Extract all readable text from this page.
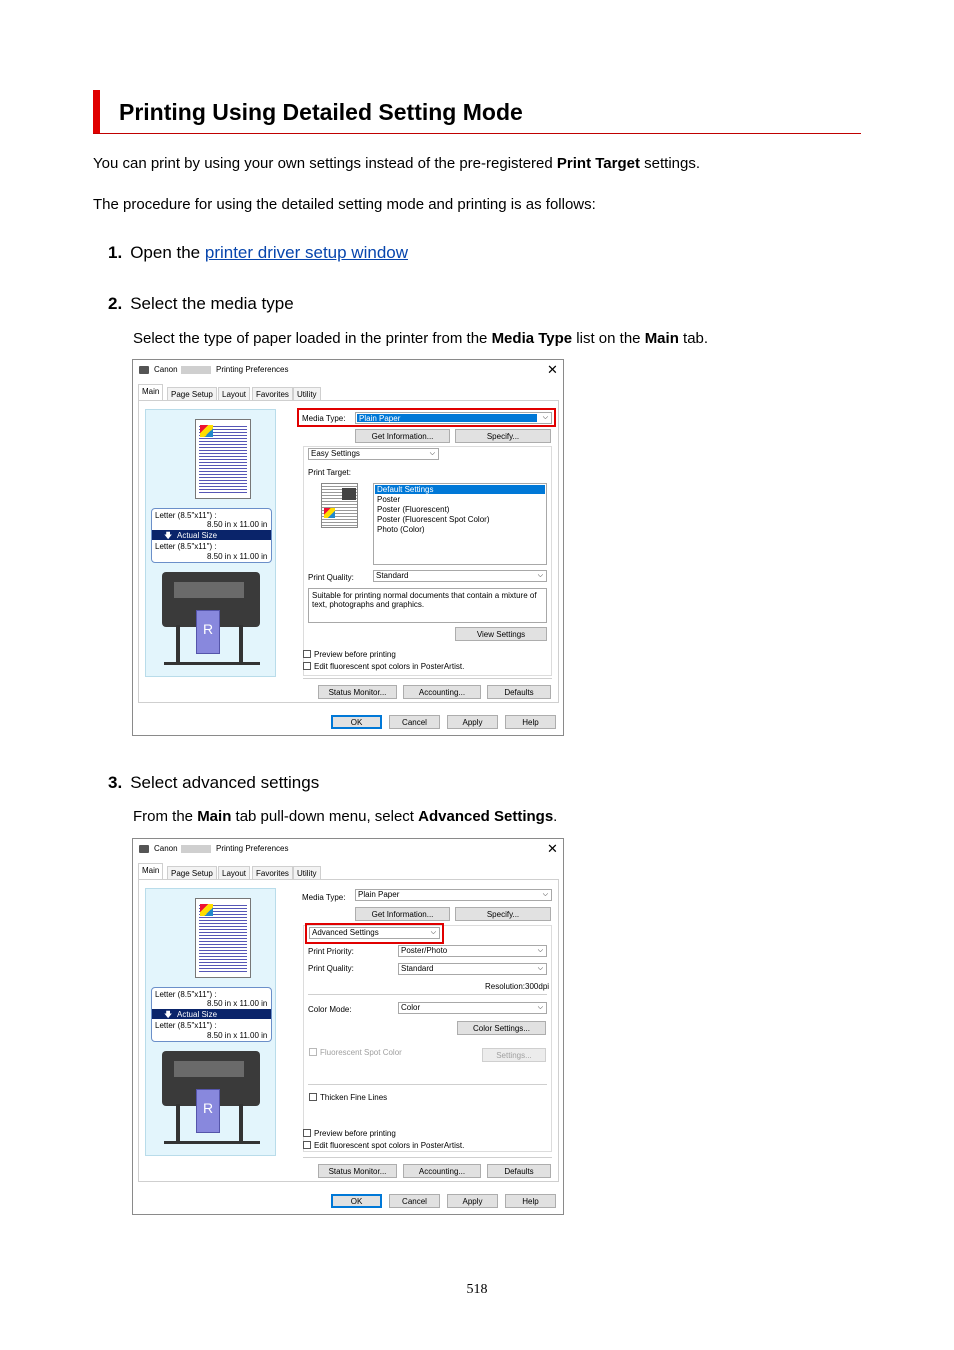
Printing Using Detailed Setting Mode

You can print by using your own settings instead of the pre-registered Print Target settings.

The procedure for using the detailed setting mode and printing is as follows:

1. Open the printer driver setup window
2. Select the media type

Select the type of paper loaded in the printer from the Media Type list on the Main tab.

Canon	Printing Preferences	✕
Main	Page Setup	Layout	Favorites	Utility
Letter (8.5"x11") :
8.50 in x 11.00 in
🡇 Actual Size
Letter (8.5"x11") :
8.50 in x 11.00 in
R
Media Type: Plain Paper	⌵
Get Information...	Specify...
Easy Settings	⌵
Print Target:
Default Settings
Poster
Poster (Fluorescent)
Poster (Fluorescent Spot Color)
Photo (Color)
Print Quality:	Standard	⌵
Suitable for printing normal documents that contain a mixture of text, photographs and graphics.
View Settings
Preview before printing
Edit fluorescent spot colors in PosterArtist.
Status Monitor...	Accounting...	Defaults
OK	Cancel	Apply	Help
3. Select advanced settings

From the Main tab pull-down menu, select Advanced Settings.

Canon	Printing Preferences	✕
Main	Page Setup	Layout	Favorites	Utility
Letter (8.5"x11") :
8.50 in x 11.00 in
🡇 Actual Size
Letter (8.5"x11") :
8.50 in x 11.00 in
R
Media Type: Plain Paper	⌵
Get Information...	Specify...
Advanced Settings	⌵
Print Priority:	Poster/Photo	⌵
Print Quality:	Standard	⌵
Resolution:300dpi
Color Mode:	Color	⌵
Color Settings...
Fluorescent Spot Color	Settings...
Thicken Fine Lines
Preview before printing
Edit fluorescent spot colors in PosterArtist.
Status Monitor...	Accounting...	Defaults
OK	Cancel	Apply	Help
518
